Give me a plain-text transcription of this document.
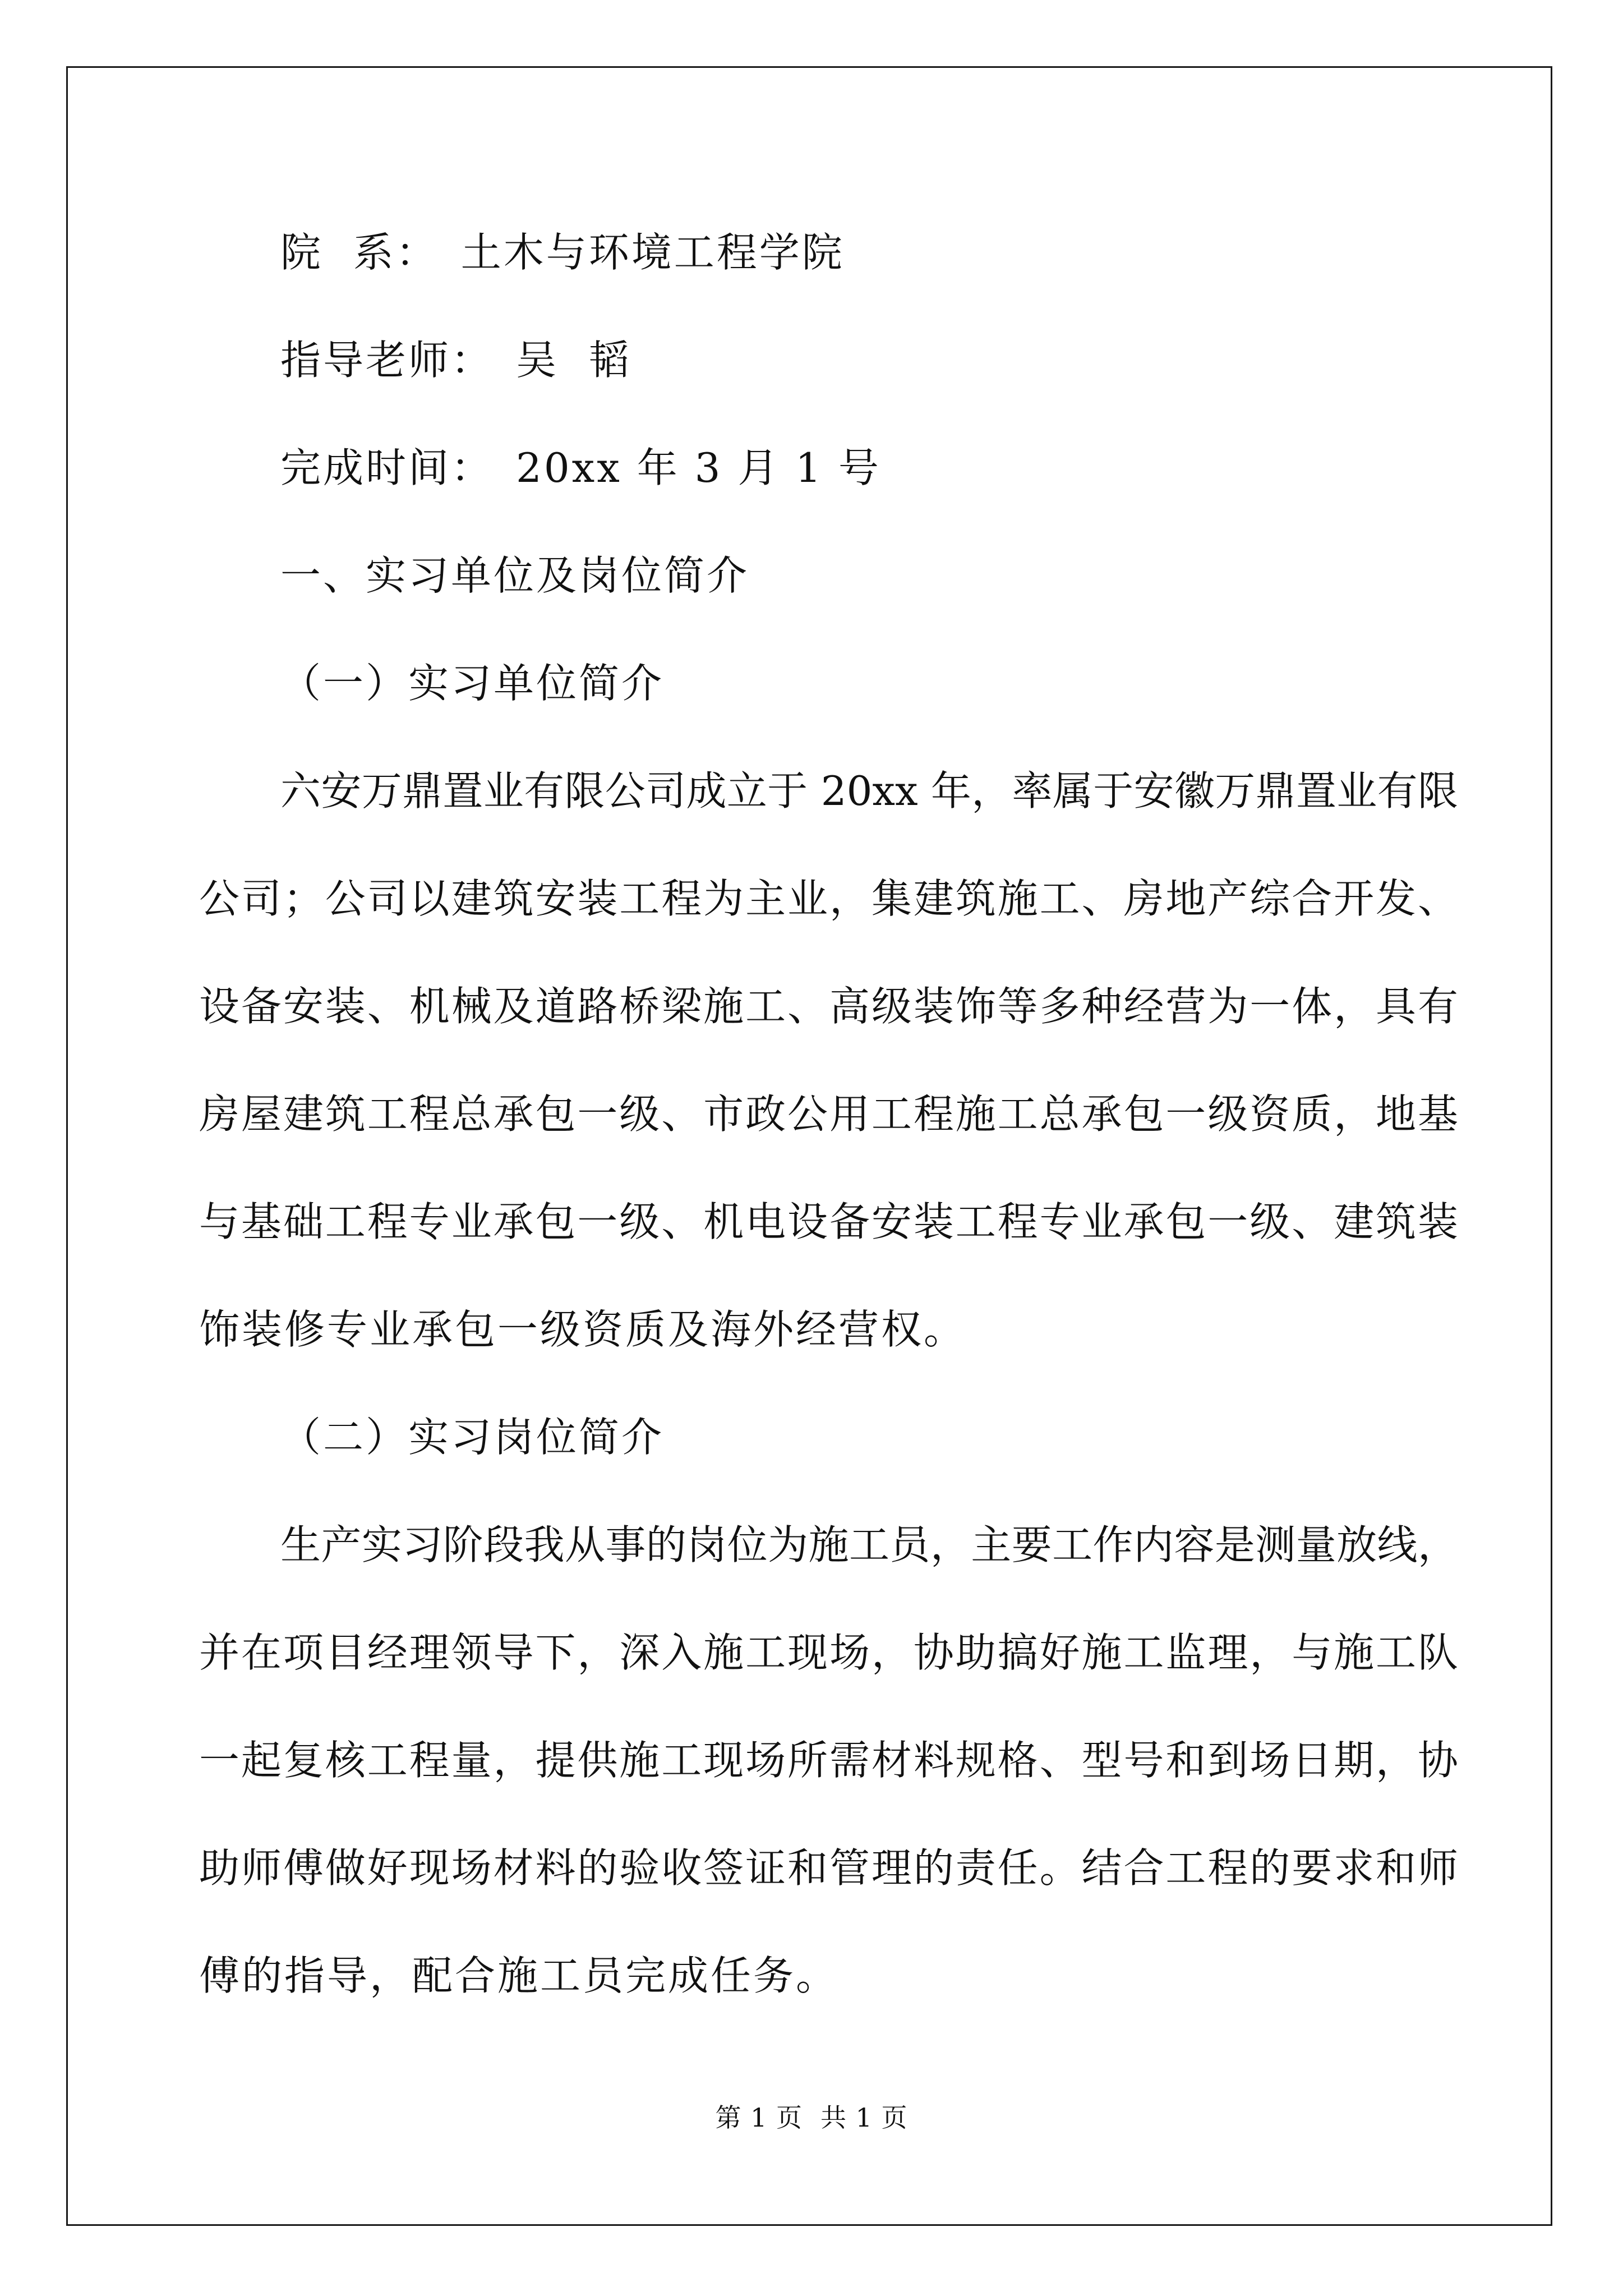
院  系： 土木与环境工程学院
指导老师： 吴  韬
完成时间： 20xx 年 3 月 1 号
一、实习单位及岗位简介
（一）实习单位简介
六安万鼎置业有限公司成立于 20xx 年，率属于安徽万鼎置业有限
公司；公司以建筑安装工程为主业，集建筑施工、房地产综合开发、
设备安装、机械及道路桥梁施工、高级装饰等多种经营为一体，具有
房屋建筑工程总承包一级、市政公用工程施工总承包一级资质，地基
与基础工程专业承包一级、机电设备安装工程专业承包一级、建筑装
饰装修专业承包一级资质及海外经营权。
（二）实习岗位简介
生产实习阶段我从事的岗位为施工员，主要工作内容是测量放线，
并在项目经理领导下，深入施工现场，协助搞好施工监理，与施工队
一起复核工程量，提供施工现场所需材料规格、型号和到场日期，协
助师傅做好现场材料的验收签证和管理的责任。结合工程的要求和师
傅的指导，配合施工员完成任务。
第 1 页 共 1 页
